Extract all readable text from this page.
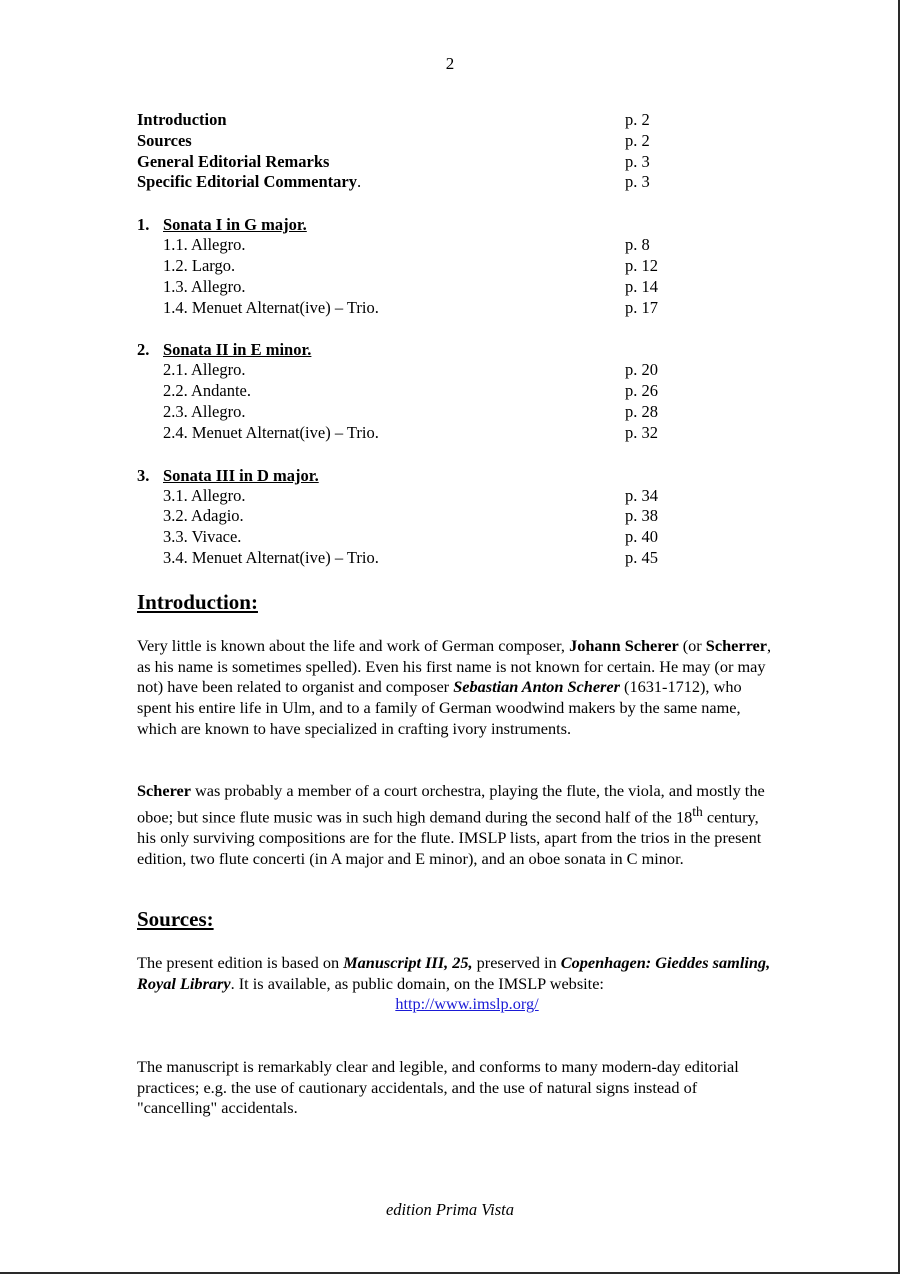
2
Introduction	p. 2
Sources	p. 2
General Editorial Remarks	p. 3
Specific Editorial Commentary.	p. 3
1. Sonata I in G major.
1.1. Allegro.	p. 8
1.2. Largo.	p. 12
1.3. Allegro.	p. 14
1.4. Menuet Alternat(ive) – Trio.	p. 17
2. Sonata II in E minor.
2.1. Allegro.	p. 20
2.2. Andante.	p. 26
2.3. Allegro.	p. 28
2.4. Menuet Alternat(ive) – Trio.	p. 32
3. Sonata III in D major.
3.1. Allegro.	p. 34
3.2. Adagio.	p. 38
3.3. Vivace.	p. 40
3.4. Menuet Alternat(ive) – Trio.	p. 45
Introduction:

Very little is known about the life and work of German composer, Johann Scherer (or Scherrer, as his name is sometimes spelled). Even his first name is not known for certain. He may (or may not) have been related to organist and composer Sebastian Anton Scherer (1631-1712), who spent his entire life in Ulm, and to a family of German woodwind makers by the same name, which are known to have specialized in crafting ivory instruments.

Scherer was probably a member of a court orchestra, playing the flute, the viola, and mostly the oboe; but since flute music was in such high demand during the second half of the 18th century, his only surviving compositions are for the flute. IMSLP lists, apart from the trios in the present edition, two flute concerti (in A major and E minor), and an oboe sonata in C minor.

Sources:

The present edition is based on Manuscript III, 25, preserved in Copenhagen: Gieddes samling, Royal Library. It is available, as public domain, on the IMSLP website:
http://www.imslp.org/

The manuscript is remarkably clear and legible, and conforms to many modern-day editorial practices; e.g. the use of cautionary accidentals, and the use of natural signs instead of "cancelling" accidentals.

edition Prima Vista
